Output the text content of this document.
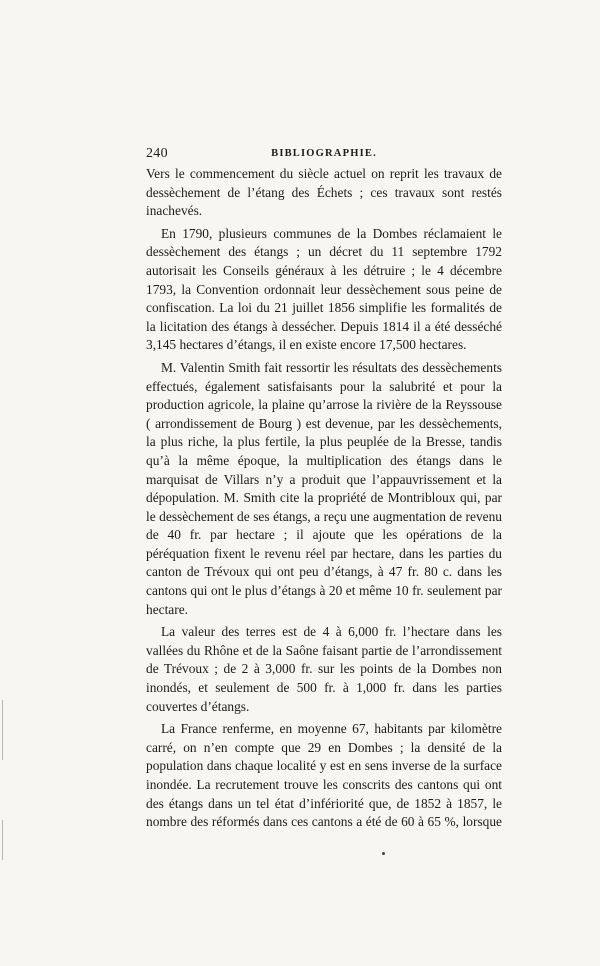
240	BIBLIOGRAPHIE.

Vers le commencement du siècle actuel on reprit les travaux de dessèchement de l’étang des Échets ; ces travaux sont restés inachevés.

En 1790, plusieurs communes de la Dombes réclamaient le dessèchement des étangs ; un décret du 11 septembre 1792 autorisait les Conseils généraux à les détruire ; le 4 décembre 1793, la Convention ordonnait leur dessèchement sous peine de confiscation. La loi du 21 juillet 1856 simplifie les formalités de la licitation des étangs à dessécher. Depuis 1814 il a été desséché 3,145 hectares d’étangs, il en existe encore 17,500 hectares.

M. Valentin Smith fait ressortir les résultats des dessèchements effectués, également satisfaisants pour la salubrité et pour la production agricole, la plaine qu’arrose la rivière de la Reyssouse ( arrondissement de Bourg ) est devenue, par les dessèchements, la plus riche, la plus fertile, la plus peuplée de la Bresse, tandis qu’à la même époque, la multiplication des étangs dans le marquisat de Villars n’y a produit que l’appauvrissement et la dépopulation. M. Smith cite la propriété de Montribloux qui, par le dessèchement de ses étangs, a reçu une augmentation de revenu de 40 fr. par hectare ; il ajoute que les opérations de la péréquation fixent le revenu réel par hectare, dans les parties du canton de Trévoux qui ont peu d’étangs, à 47 fr. 80 c. dans les cantons qui ont le plus d’étangs à 20 et même 10 fr. seulement par hectare.

La valeur des terres est de 4 à 6,000 fr. l’hectare dans les vallées du Rhône et de la Saône faisant partie de l’arrondissement de Trévoux ; de 2 à 3,000 fr. sur les points de la Dombes non inondés, et seulement de 500 fr. à 1,000 fr. dans les parties couvertes d’étangs.

La France renferme, en moyenne 67, habitants par kilomètre carré, on n’en compte que 29 en Dombes ; la densité de la population dans chaque localité y est en sens inverse de la surface inondée. La recrutement trouve les conscrits des cantons qui ont des étangs dans un tel état d’infériorité que, de 1852 à 1857, le nombre des réformés dans ces cantons a été de 60 à 65 %, lorsque
